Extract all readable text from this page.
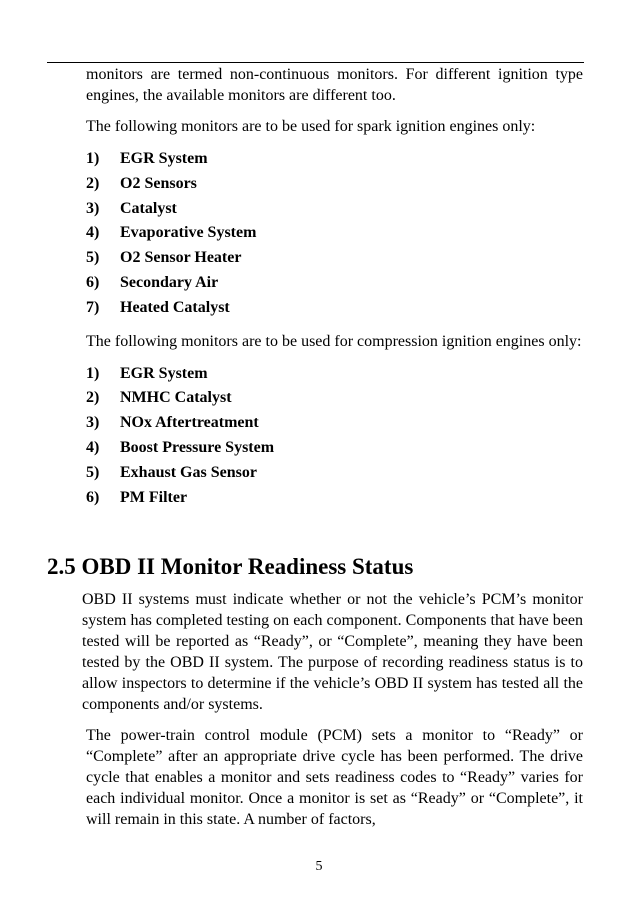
monitors are termed non-continuous monitors. For different ignition type engines, the available monitors are different too.

The following monitors are to be used for spark ignition engines only:

1)	EGR System
2)	O2 Sensors
3)	Catalyst
4)	Evaporative System
5)	O2 Sensor Heater
6)	Secondary Air
7)	Heated Catalyst

The following monitors are to be used for compression ignition engines only:

1)	EGR System
2)	NMHC Catalyst
3)	NOx Aftertreatment
4)	Boost Pressure System
5)	Exhaust Gas Sensor
6)	PM Filter
2.5 OBD II Monitor Readiness Status

OBD II systems must indicate whether or not the vehicle’s PCM’s monitor system has completed testing on each component. Components that have been tested will be reported as “Ready”, or “Complete”, meaning they have been tested by the OBD II system. The purpose of recording readiness status is to allow inspectors to determine if the vehicle’s OBD II system has tested all the components and/or systems.

The power-train control module (PCM) sets a monitor to “Ready” or “Complete” after an appropriate drive cycle has been performed. The drive cycle that enables a monitor and sets readiness codes to “Ready” varies for each individual monitor. Once a monitor is set as “Ready” or “Complete”, it will remain in this state. A number of factors,

5
